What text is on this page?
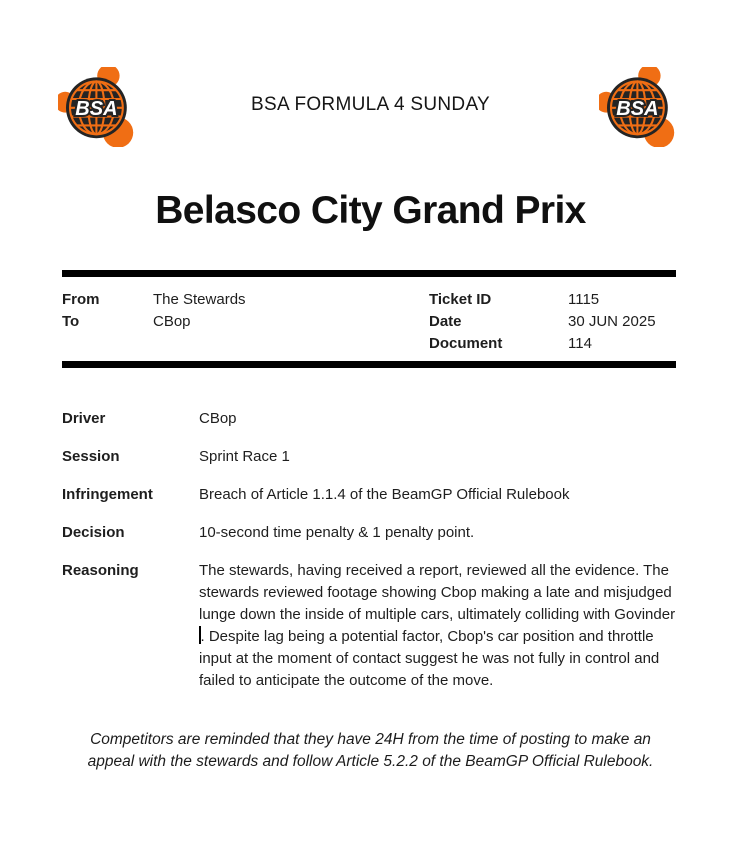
BSA	BSA FORMULA 4 SUNDAY	BSA
Belasco City Grand Prix
From	The Stewards
To	CBop
Ticket ID	1115
Date	30 JUN 2025
Document	114
Driver	CBop
Session	Sprint Race 1
Infringement	Breach of Article 1.1.4 of the BeamGP Official Rulebook
Decision	10-second time penalty & 1 penalty point.
Reasoning	The stewards, having received a report, reviewed all the evidence. The stewards reviewed footage showing Cbop making a late and misjudged lunge down the inside of multiple cars, ultimately colliding with Govinder. Despite lag being a potential factor, Cbop's car position and throttle input at the moment of contact suggest he was not fully in control and failed to anticipate the outcome of the move.

Competitors are reminded that they have 24H from the time of posting to make an appeal with the stewards and follow Article 5.2.2 of the BeamGP Official Rulebook.
